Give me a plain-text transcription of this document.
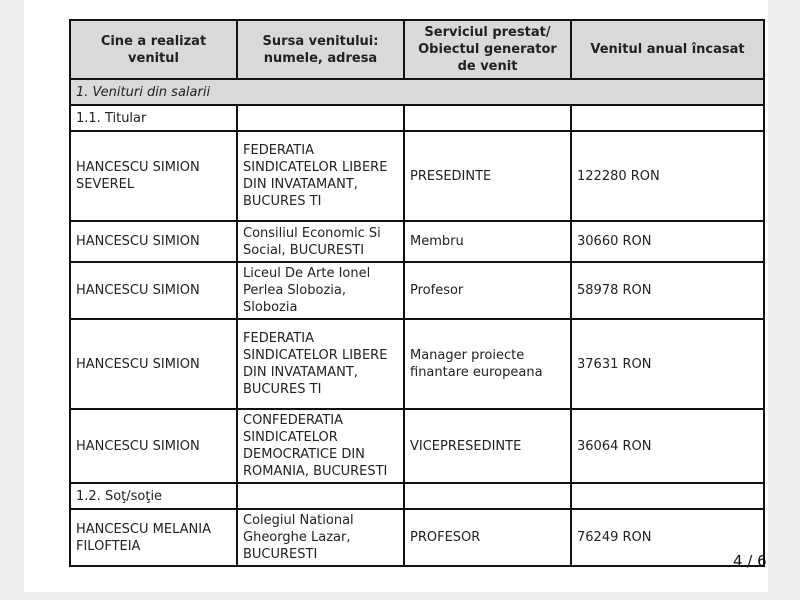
Cine a realizat venitul	Sursa venitului: numele, adresa	Serviciul prestat/ Obiectul generator de venit	Venitul anual încasat
1. Venituri din salarii			
1.1. Titular			
HANCESCU SIMION SEVEREL	FEDERATIA SINDICATELOR LIBERE DIN INVATAMANT, BUCURES TI	PRESEDINTE	122280 RON
HANCESCU SIMION	Consiliul Economic Si Social, BUCURESTI	Membru	30660 RON
HANCESCU SIMION	Liceul De Arte Ionel Perlea Slobozia, Slobozia	Profesor	58978 RON
HANCESCU SIMION	FEDERATIA SINDICATELOR LIBERE DIN INVATAMANT, BUCURES TI	Manager proiecte finantare europeana	37631 RON
HANCESCU SIMION	CONFEDERATIA SINDICATELOR DEMOCRATICE DIN ROMANIA, BUCURESTI	VICEPRESEDINTE	36064 RON
1.2. Soţ/soţie			
HANCESCU MELANIA FILOFTEIA	Colegiul National Gheorghe Lazar, BUCURESTI	PROFESOR	76249 RON
4 / 6
